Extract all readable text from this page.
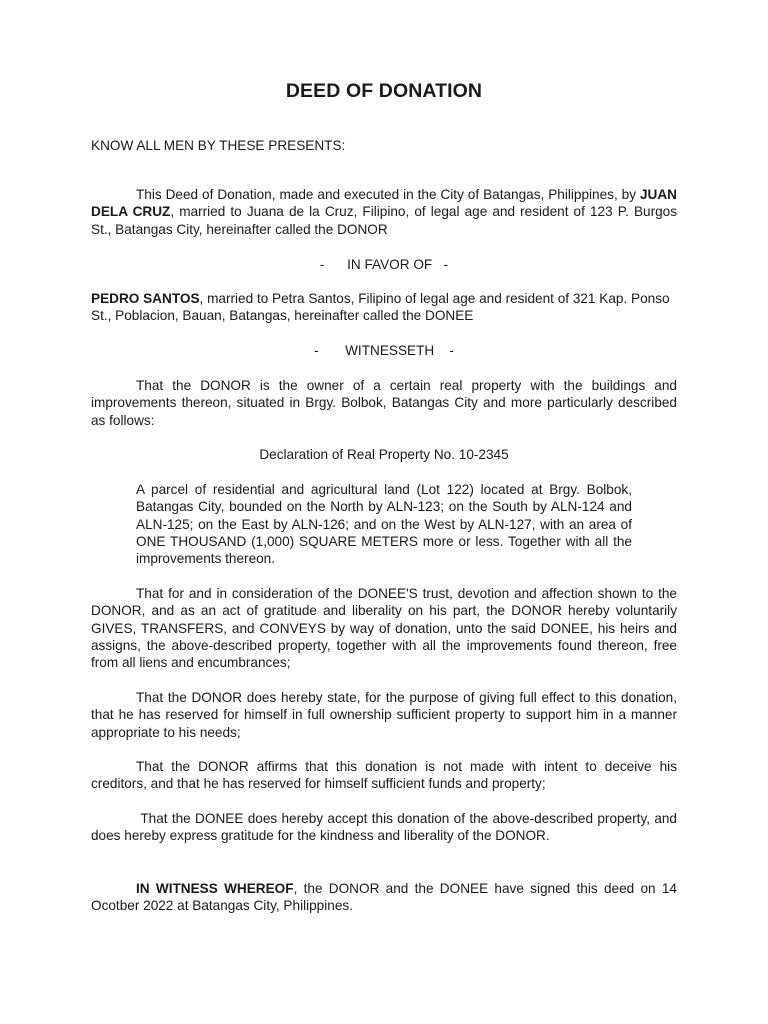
DEED OF DONATION
KNOW ALL MEN BY THESE PRESENTS:
This Deed of Donation, made and executed in the City of Batangas, Philippines, by JUAN DELA CRUZ, married to Juana de la Cruz, Filipino, of legal age and resident of 123 P. Burgos St., Batangas City, hereinafter called the DONOR
-      IN FAVOR OF   -
PEDRO SANTOS, married to Petra Santos, Filipino of legal age and resident of 321 Kap. Ponso St., Poblacion, Bauan, Batangas, hereinafter called the DONEE
-       WITNESSETH    -
That the DONOR is the owner of a certain real property with the buildings and improvements thereon, situated in Brgy. Bolbok, Batangas City and more particularly described as follows:
Declaration of Real Property No. 10-2345
A parcel of residential and agricultural land (Lot 122) located at Brgy. Bolbok, Batangas City, bounded on the North by ALN-123; on the South by ALN-124 and ALN-125; on the East by ALN-126; and on the West by ALN-127, with an area of ONE THOUSAND (1,000) SQUARE METERS more or less. Together with all the improvements thereon.
That for and in consideration of the DONEE'S trust, devotion and affection shown to the DONOR, and as an act of gratitude and liberality on his part, the DONOR hereby voluntarily GIVES, TRANSFERS, and CONVEYS by way of donation, unto the said DONEE, his heirs and assigns, the above-described property, together with all the improvements found thereon, free from all liens and encumbrances;
That the DONOR does hereby state, for the purpose of giving full effect to this donation, that he has reserved for himself in full ownership sufficient property to support him in a manner appropriate to his needs;
That the DONOR affirms that this donation is not made with intent to deceive his creditors, and that he has reserved for himself sufficient funds and property;
That the DONEE does hereby accept this donation of the above-described property, and does hereby express gratitude for the kindness and liberality of the DONOR.
IN WITNESS WHEREOF, the DONOR and the DONEE have signed this deed on 14 Ocotber 2022 at Batangas City, Philippines.
